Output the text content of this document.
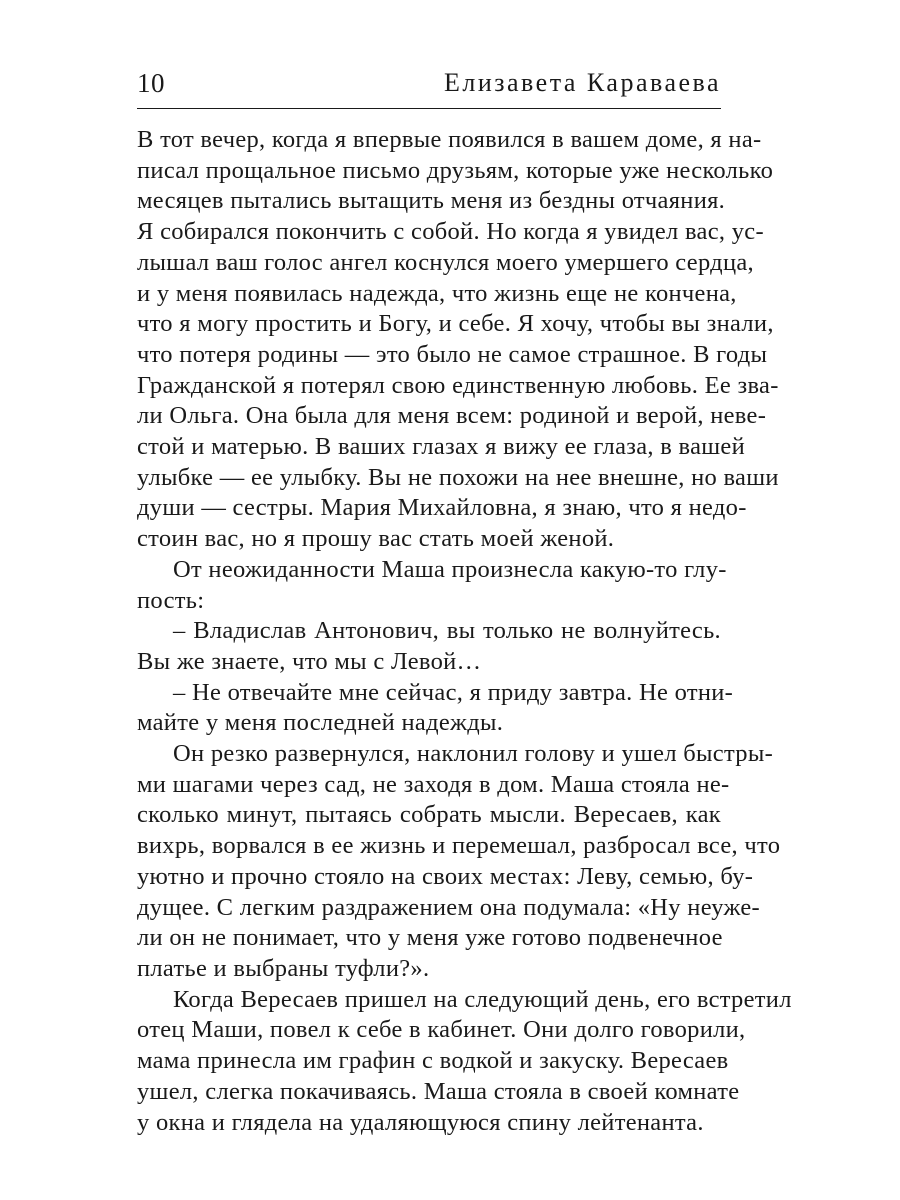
10	Елизавета Караваева
В тот вечер, когда я впервые появился в вашем доме, я на-
писал прощальное письмо друзьям, которые уже несколько
месяцев пытались вытащить меня из бездны отчаяния.
Я собирался покончить с собой. Но когда я увидел вас, ус-
лышал ваш голос ангел коснулся моего умершего сердца,
и у меня появилась надежда, что жизнь еще не кончена,
что я могу простить и Богу, и себе. Я хочу, чтобы вы знали,
что потеря родины — это было не самое страшное. В годы
Гражданской я потерял свою единственную любовь. Ее зва-
ли Ольга. Она была для меня всем: родиной и верой, неве-
стой и матерью. В ваших глазах я вижу ее глаза, в вашей
улыбке — ее улыбку. Вы не похожи на нее внешне, но ваши
души — сестры. Мария Михайловна, я знаю, что я недо-
стоин вас, но я прошу вас стать моей женой.
От неожиданности Маша произнесла какую-то глу-
пость:
– Владислав Антонович, вы только не волнуйтесь.
Вы же знаете, что мы с Левой…
– Не отвечайте мне сейчас, я приду завтра. Не отни-
майте у меня последней надежды.
Он резко развернулся, наклонил голову и ушел быстры-
ми шагами через сад, не заходя в дом. Маша стояла не-
сколько минут, пытаясь собрать мысли. Вересаев, как
вихрь, ворвался в ее жизнь и перемешал, разбросал все, что
уютно и прочно стояло на своих местах: Леву, семью, бу-
дущее. С легким раздражением она подумала: «Ну неуже-
ли он не понимает, что у меня уже готово подвенечное
платье и выбраны туфли?».
Когда Вересаев пришел на следующий день, его встретил
отец Маши, повел к себе в кабинет. Они долго говорили,
мама принесла им графин с водкой и закуску. Вересаев
ушел, слегка покачиваясь. Маша стояла в своей комнате
у окна и глядела на удаляющуюся спину лейтенанта.
